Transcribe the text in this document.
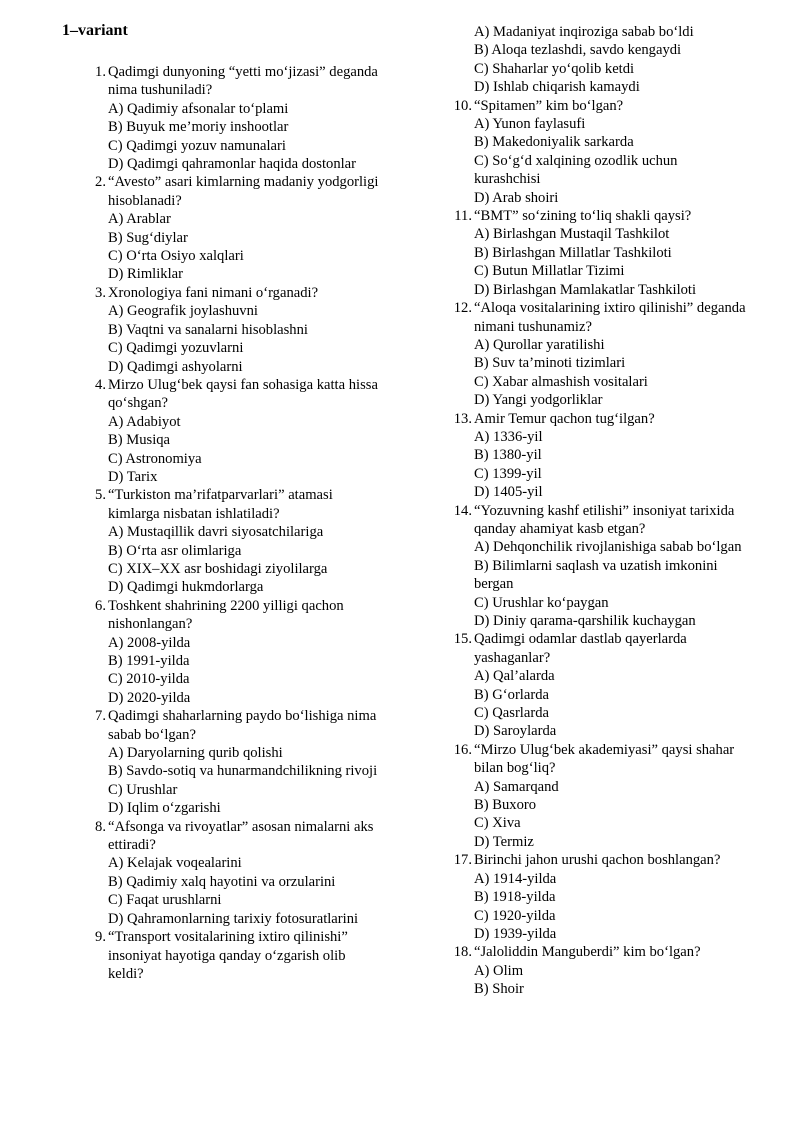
1–variant
1. Qadimgi dunyoning “yetti mo‘jizasi” deganda nima tushuniladi?
A) Qadimiy afsonalar to‘plami
B) Buyuk me’moriy inshootlar
C) Qadimgi yozuv namunalari
D) Qadimgi qahramonlar haqida dostonlar
2. “Avesto” asari kimlarning madaniy yodgorligi hisoblanadi?
A) Arablar
B) Sug‘diylar
C) O‘rta Osiyo xalqlari
D) Rimliklar
3. Xronologiya fani nimani o‘rganadi?
A) Geografik joylashuvni
B) Vaqtni va sanalarni hisoblashni
C) Qadimgi yozuvlarni
D) Qadimgi ashyolarni
4. Mirzo Ulug‘bek qaysi fan sohasiga katta hissa qo‘shgan?
A) Adabiyot
B) Musiqa
C) Astronomiya
D) Tarix
5. “Turkiston ma’rifatparvarlari” atamasi kimlarga nisbatan ishlatiladi?
A) Mustaqillik davri siyosatchilariga
B) O‘rta asr olimlariga
C) XIX–XX asr boshidagi ziyolilarga
D) Qadimgi hukmdorlarga
6. Toshkent shahrining 2200 yilligi qachon nishonlangan?
A) 2008-yilda
B) 1991-yilda
C) 2010-yilda
D) 2020-yilda
7. Qadimgi shaharlarning paydo bo‘lishiga nima sabab bo‘lgan?
A) Daryolarning qurib qolishi
B) Savdo-sotiq va hunarmandchilikning rivoji
C) Urushlar
D) Iqlim o‘zgarishi
8. “Afsonga va rivoyatlar” asosan nimalarni aks ettiradi?
A) Kelajak voqealarini
B) Qadimiy xalq hayotini va orzularini
C) Faqat urushlarni
D) Qahramonlarning tarixiy fotosuratlarini
9. “Transport vositalarining ixtiro qilinishi” insoniyat hayotiga qanday o‘zgarish olib keldi?
A) Madaniyat inqiroziga sabab bo‘ldi
B) Aloqa tezlashdi, savdo kengaydi
C) Shaharlar yo‘qolib ketdi
D) Ishlab chiqarish kamaydi
10. “Spitamen” kim bo‘lgan?
A) Yunon faylasufi
B) Makedoniyalik sarkarda
C) So‘g‘d xalqining ozodlik uchun kurashchisi
D) Arab shoiri
11. “BMT” so‘zining to‘liq shakli qaysi?
A) Birlashgan Mustaqil Tashkilot
B) Birlashgan Millatlar Tashkiloti
C) Butun Millatlar Tizimi
D) Birlashgan Mamlakatlar Tashkiloti
12. “Aloqa vositalarining ixtiro qilinishi” deganda nimani tushunamiz?
A) Qurollar yaratilishi
B) Suv ta’minoti tizimlari
C) Xabar almashish vositalari
D) Yangi yodgorliklar
13. Amir Temur qachon tug‘ilgan?
A) 1336-yil
B) 1380-yil
C) 1399-yil
D) 1405-yil
14. “Yozuvning kashf etilishi” insoniyat tarixida qanday ahamiyat kasb etgan?
A) Dehqonchilik rivojlanishiga sabab bo‘lgan
B) Bilimlarni saqlash va uzatish imkonini bergan
C) Urushlar ko‘paygan
D) Diniy qarama-qarshilik kuchaygan
15. Qadimgi odamlar dastlab qayerlarda yashaganlar?
A) Qal’alarda
B) G‘orlarda
C) Qasrlarda
D) Saroylarda
16. “Mirzo Ulug‘bek akademiyasi” qaysi shahar bilan bog‘liq?
A) Samarqand
B) Buxoro
C) Xiva
D) Termiz
17. Birinchi jahon urushi qachon boshlangan?
A) 1914-yilda
B) 1918-yilda
C) 1920-yilda
D) 1939-yilda
18. “Jaloliddin Manguberdi” kim bo‘lgan?
A) Olim
B) Shoir
